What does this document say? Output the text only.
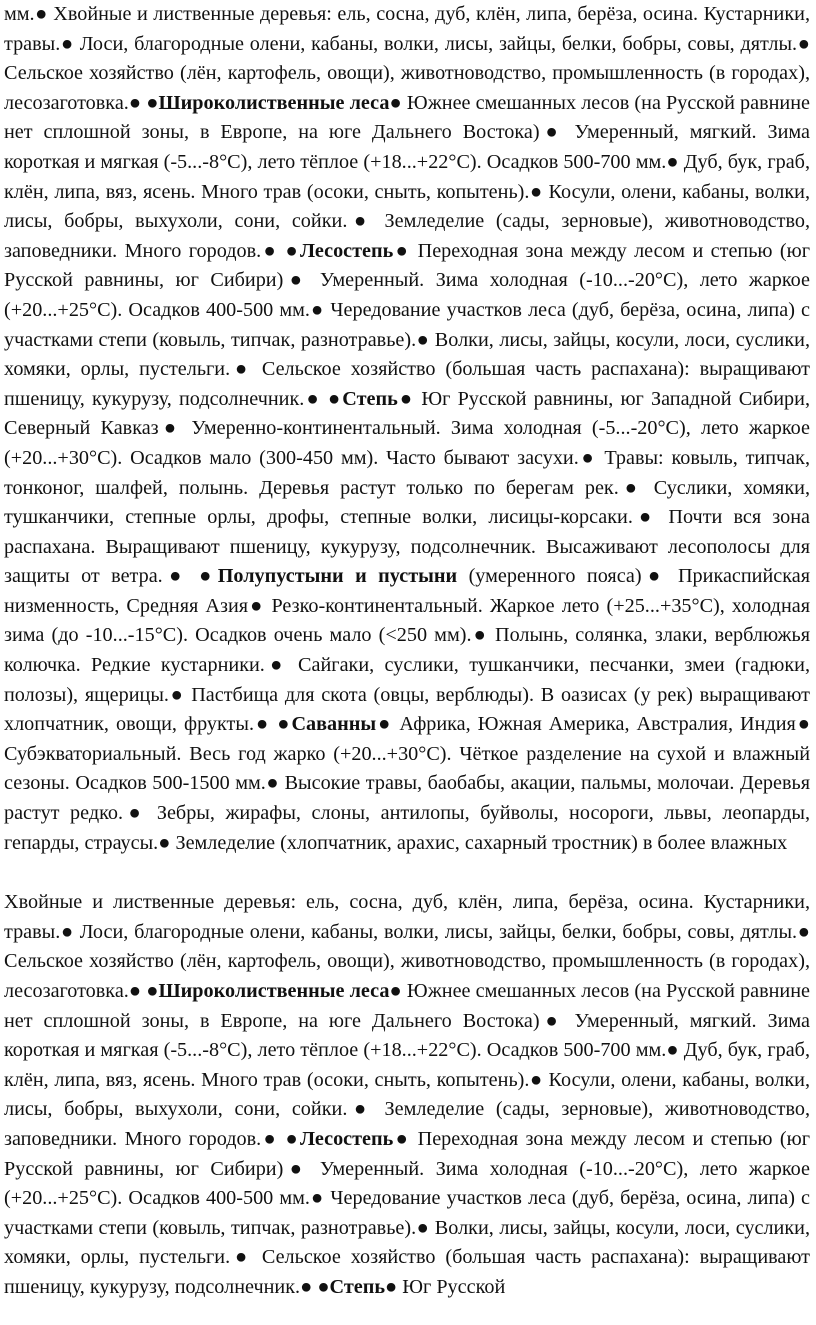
мм.● Хвойные и лиственные деревья: ель, сосна, дуб, клён, липа, берёза, осина. Кустарники, травы.● Лоси, благородные олени, кабаны, волки, лисы, зайцы, белки, бобры, совы, дятлы.● Сельское хозяйство (лён, картофель, овощи), животноводство, промышленность (в городах), лесозаготовка.● ●Широколиственные леса● Южнее смешанных лесов (на Русской равнине нет сплошной зоны, в Европе, на юге Дальнего Востока)● Умеренный, мягкий. Зима короткая и мягкая (-5...-8°С), лето тёплое (+18...+22°С). Осадков 500-700 мм.● Дуб, бук, граб, клён, липа, вяз, ясень. Много трав (осоки, сныть, копытень).● Косули, олени, кабаны, волки, лисы, бобры, выхухоли, сони, сойки.● Земледелие (сады, зерновые), животноводство, заповедники. Много городов.● ●Лесостепь● Переходная зона между лесом и степью (юг Русской равнины, юг Сибири)● Умеренный. Зима холодная (-10...-20°С), лето жаркое (+20...+25°С). Осадков 400-500 мм.● Чередование участков леса (дуб, берёза, осина, липа) с участками степи (ковыль, типчак, разнотравье).● Волки, лисы, зайцы, косули, лоси, суслики, хомяки, орлы, пустельги.● Сельское хозяйство (большая часть распахана): выращивают пшеницу, кукурузу, подсолнечник.● ●Степь● Юг Русской равнины, юг Западной Сибири, Северный Кавказ● Умеренно-континентальный. Зима холодная (-5...-20°С), лето жаркое (+20...+30°С). Осадков мало (300-450 мм). Часто бывают засухи.● Травы: ковыль, типчак, тонконог, шалфей, полынь. Деревья растут только по берегам рек.● Суслики, хомяки, тушканчики, степные орлы, дрофы, степные волки, лисицы-корсаки.● Почти вся зона распахана. Выращивают пшеницу, кукурузу, подсолнечник. Высаживают лесополосы для защиты от ветра.● ●Полупустыни и пустыни (умеренного пояса)● Прикаспийская низменность, Средняя Азия● Резко-континентальный. Жаркое лето (+25...+35°С), холодная зима (до -10...-15°С). Осадков очень мало (<250 мм).● Полынь, солянка, злаки, верблюжья колючка. Редкие кустарники.● Сайгаки, суслики, тушканчики, песчанки, змеи (гадюки, полозы), ящерицы.● Пастбища для скота (овцы, верблюды). В оазисах (у рек) выращивают хлопчатник, овощи, фрукты.● ●Саванны● Африка, Южная Америка, Австралия, Индия● Субэкваториальный. Весь год жарко (+20...+30°С). Чёткое разделение на сухой и влажный сезоны. Осадков 500-1500 мм.● Высокие травы, баобабы, акации, пальмы, молочаи. Деревья растут редко.● Зебры, жирафы, слоны, антилопы, буйволы, носороги, львы, леопарды, гепарды, страусы.● Земледелие (хлопчатник, арахис, сахарный тростник) в более влажных

Хвойные и лиственные деревья: ель, сосна, дуб, клён, липа, берёза, осина. Кустарники, травы.● Лоси, благородные олени, кабаны, волки, лисы, зайцы, белки, бобры, совы, дятлы.● Сельское хозяйство (лён, картофель, овощи), животноводство, промышленность (в городах), лесозаготовка.● ●Широколиственные леса● Южнее смешанных лесов (на Русской равнине нет сплошной зоны, в Европе, на юге Дальнего Востока)● Умеренный, мягкий. Зима короткая и мягкая (-5...-8°С), лето тёплое (+18...+22°С). Осадков 500-700 мм.● Дуб, бук, граб, клён, липа, вяз, ясень. Много трав (осоки, сныть, копытень).● Косули, олени, кабаны, волки, лисы, бобры, выхухоли, сони, сойки.● Земледелие (сады, зерновые), животноводство, заповедники. Много городов.● ●Лесостепь● Переходная зона между лесом и степью (юг Русской равнины, юг Сибири)● Умеренный. Зима холодная (-10...-20°С), лето жаркое (+20...+25°С). Осадков 400-500 мм.● Чередование участков леса (дуб, берёза, осина, липа) с участками степи (ковыль, типчак, разнотравье).● Волки, лисы, зайцы, косули, лоси, суслики, хомяки, орлы, пустельги.● Сельское хозяйство (большая часть распахана): выращивают пшеницу, кукурузу, подсолнечник.● ●Степь● Юг Русской
